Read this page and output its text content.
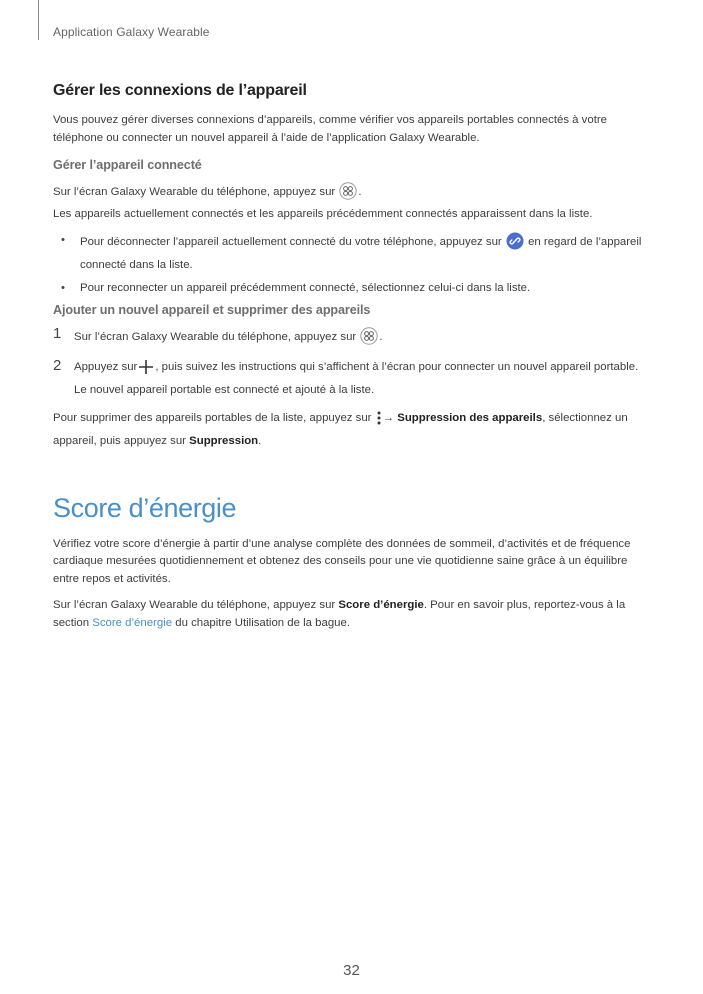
Application Galaxy Wearable
Gérer les connexions de l’appareil

Vous pouvez gérer diverses connexions d’appareils, comme vérifier vos appareils portables connectés à votre téléphone ou connecter un nouvel appareil à l’aide de l’application Galaxy Wearable.

Gérer l’appareil connecté

Sur l’écran Galaxy Wearable du téléphone, appuyez sur .

Les appareils actuellement connectés et les appareils précédemment connectés apparaissent dans la liste.

• Pour déconnecter l’appareil actuellement connecté du votre téléphone, appuyez sur en regard de l’appareil connecté dans la liste.

• Pour reconnecter un appareil précédemment connecté, sélectionnez celui-ci dans la liste.

Ajouter un nouvel appareil et supprimer des appareils

1 Sur l’écran Galaxy Wearable du téléphone, appuyez sur .

2 Appuyez sur , puis suivez les instructions qui s’affichent à l’écran pour connecter un nouvel appareil portable.

Le nouvel appareil portable est connecté et ajouté à la liste.

Pour supprimer des appareils portables de la liste, appuyez sur → Suppression des appareils, sélectionnez un appareil, puis appuyez sur Suppression.

Score d’énergie

Vérifiez votre score d’énergie à partir d’une analyse complète des données de sommeil, d’activités et de fréquence cardiaque mesurées quotidiennement et obtenez des conseils pour une vie quotidienne saine grâce à un équilibre entre repos et activités.

Sur l’écran Galaxy Wearable du téléphone, appuyez sur Score d’énergie. Pour en savoir plus, reportez-vous à la section Score d’énergie du chapitre Utilisation de la bague.

32
